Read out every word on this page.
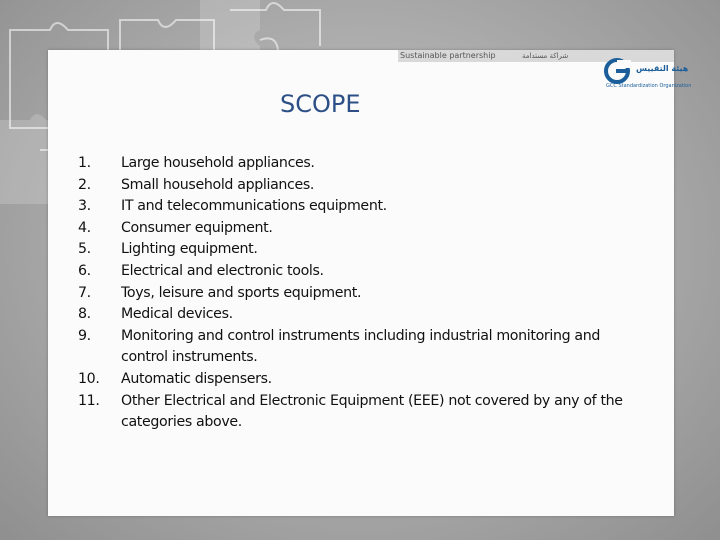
Sustainable partnership	شراكة مستدامة
هيئة التقييس
GCC Standardization Organization
SCOPE
1.	Large household appliances.
2.	Small household appliances.
3.	IT and telecommunications equipment.
4.	Consumer equipment.
5.	Lighting equipment.
6.	Electrical and electronic tools.
7.	Toys, leisure and sports equipment.
8.	Medical devices.
9.	Monitoring and control instruments including industrial monitoring and control instruments.
10.	Automatic dispensers.
11.	Other Electrical and Electronic Equipment (EEE) not covered by any of the categories above.
